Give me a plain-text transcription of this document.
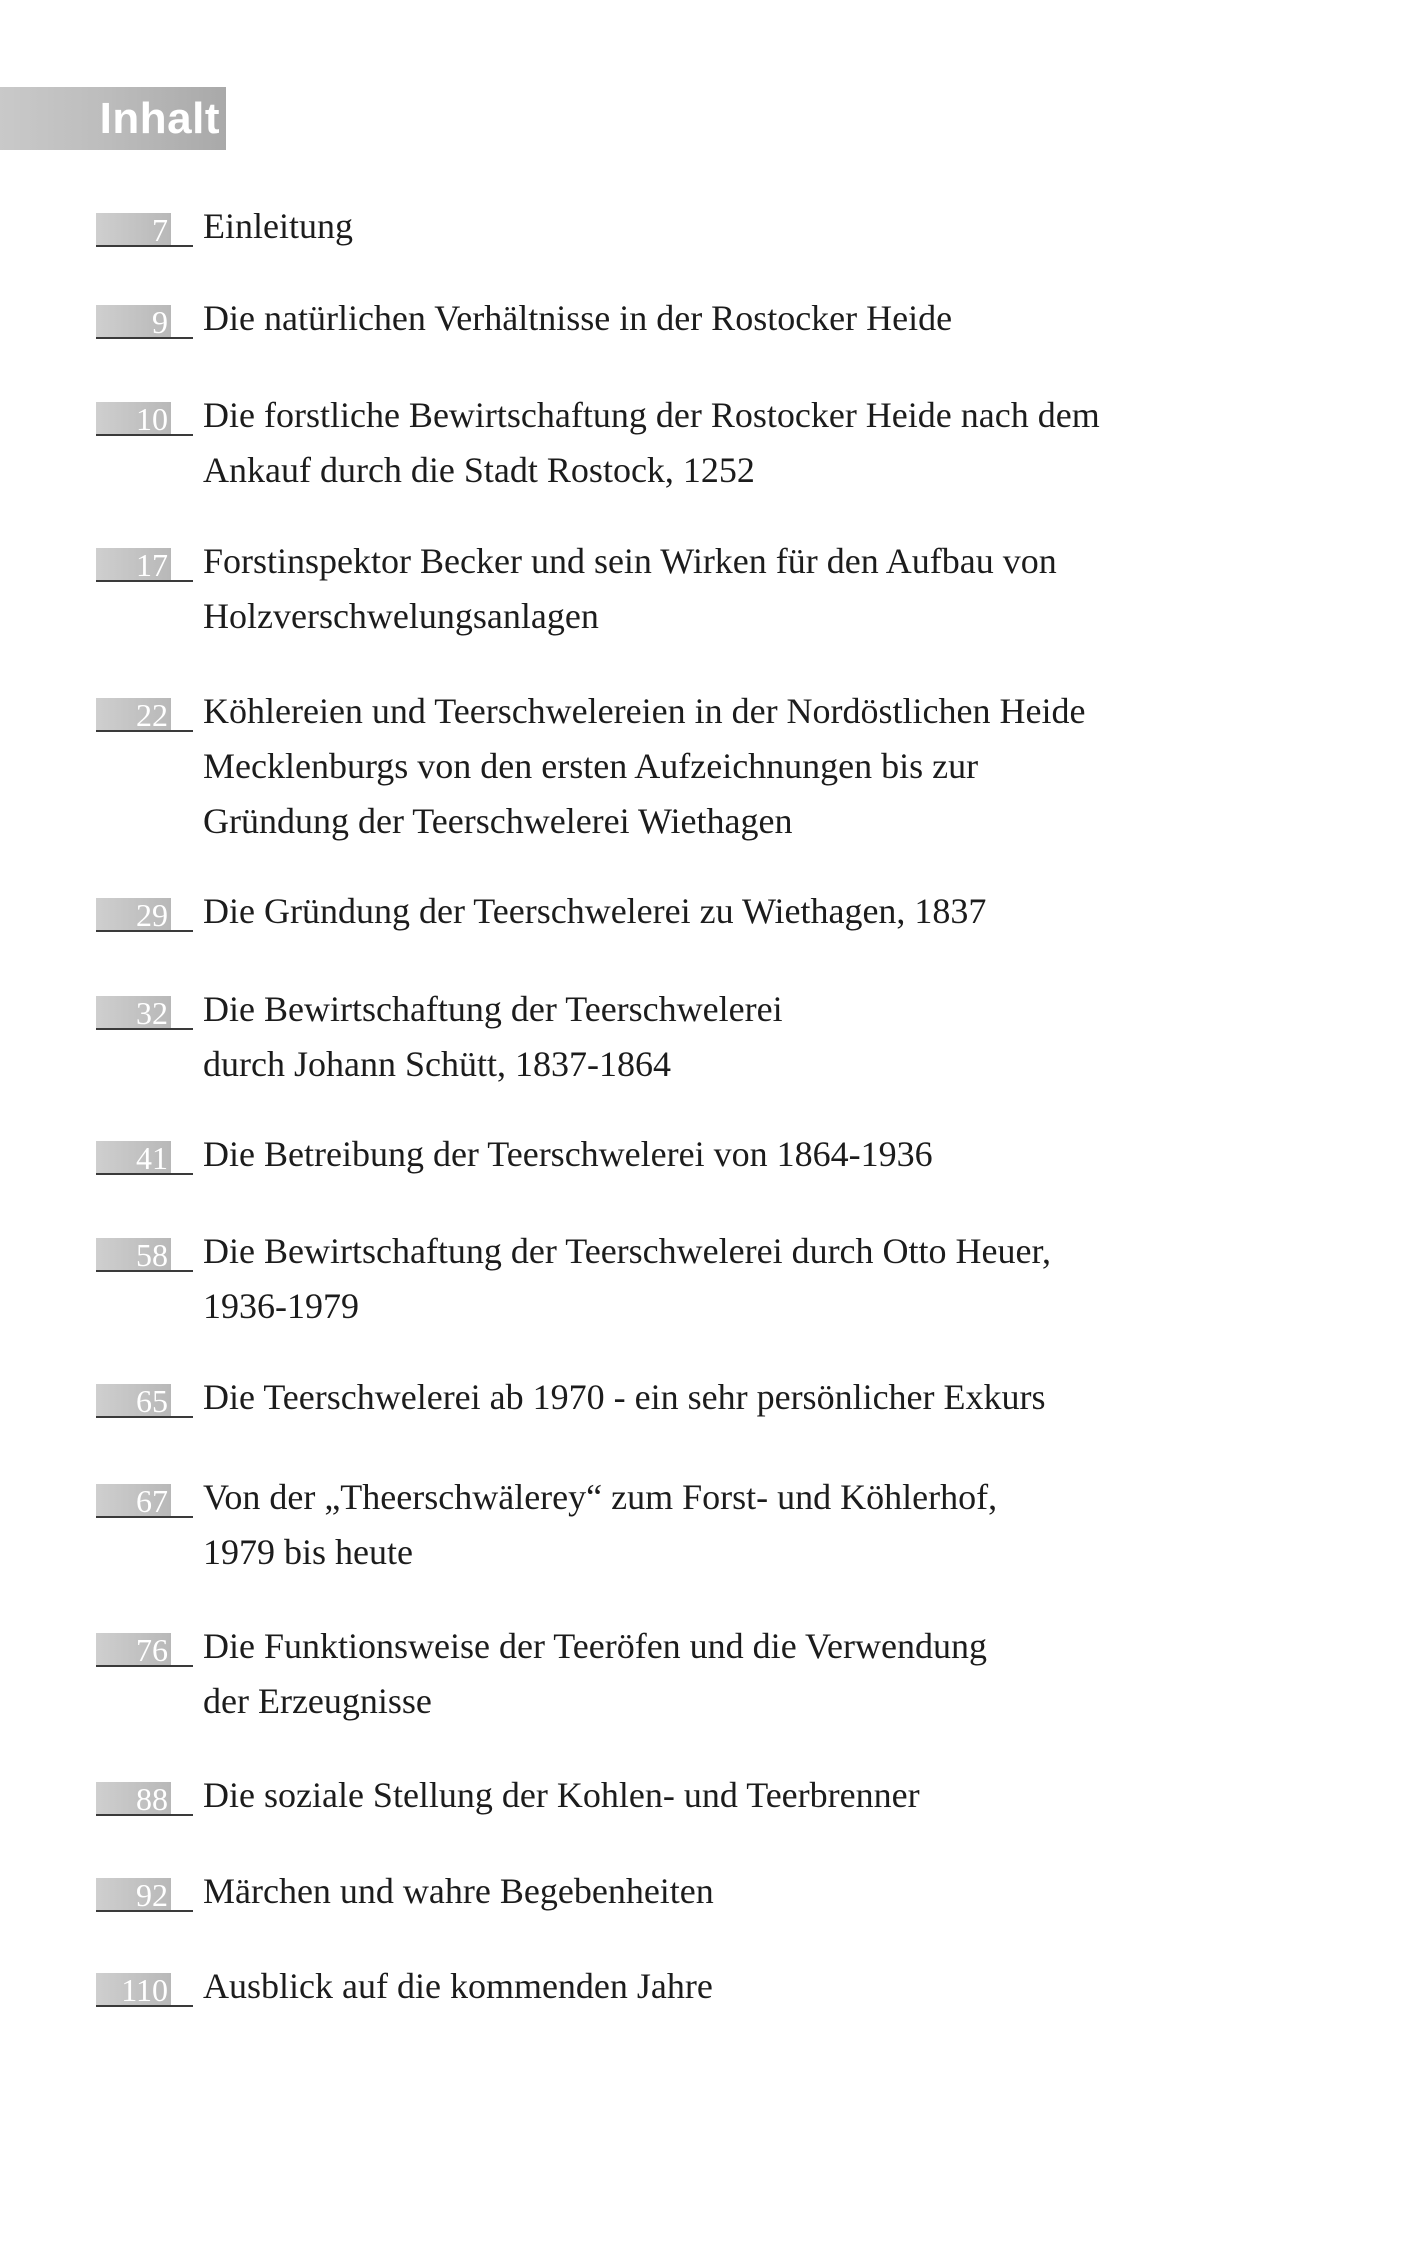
Inhalt
7 Einleitung
9 Die natürlichen Verhältnisse in der Rostocker Heide
10 Die forstliche Bewirtschaftung der Rostocker Heide nach dem
Ankauf durch die Stadt Rostock, 1252
17 Forstinspektor Becker und sein Wirken für den Aufbau von
Holzverschwelungsanlagen
22 Köhlereien und Teerschwelereien in der Nordöstlichen Heide
Mecklenburgs von den ersten Aufzeichnungen bis zur
Gründung der Teerschwelerei Wiethagen
29 Die Gründung der Teerschwelerei zu Wiethagen, 1837
32 Die Bewirtschaftung der Teerschwelerei
durch Johann Schütt, 1837-1864
41 Die Betreibung der Teerschwelerei von 1864-1936
58 Die Bewirtschaftung der Teerschwelerei durch Otto Heuer,
1936-1979
65 Die Teerschwelerei ab 1970 - ein sehr persönlicher Exkurs
67 Von der „Theerschwälerey“ zum Forst- und Köhlerhof,
1979 bis heute
76 Die Funktionsweise der Teeröfen und die Verwendung
der Erzeugnisse
88 Die soziale Stellung der Kohlen- und Teerbrenner
92 Märchen und wahre Begebenheiten
110 Ausblick auf die kommenden Jahre
